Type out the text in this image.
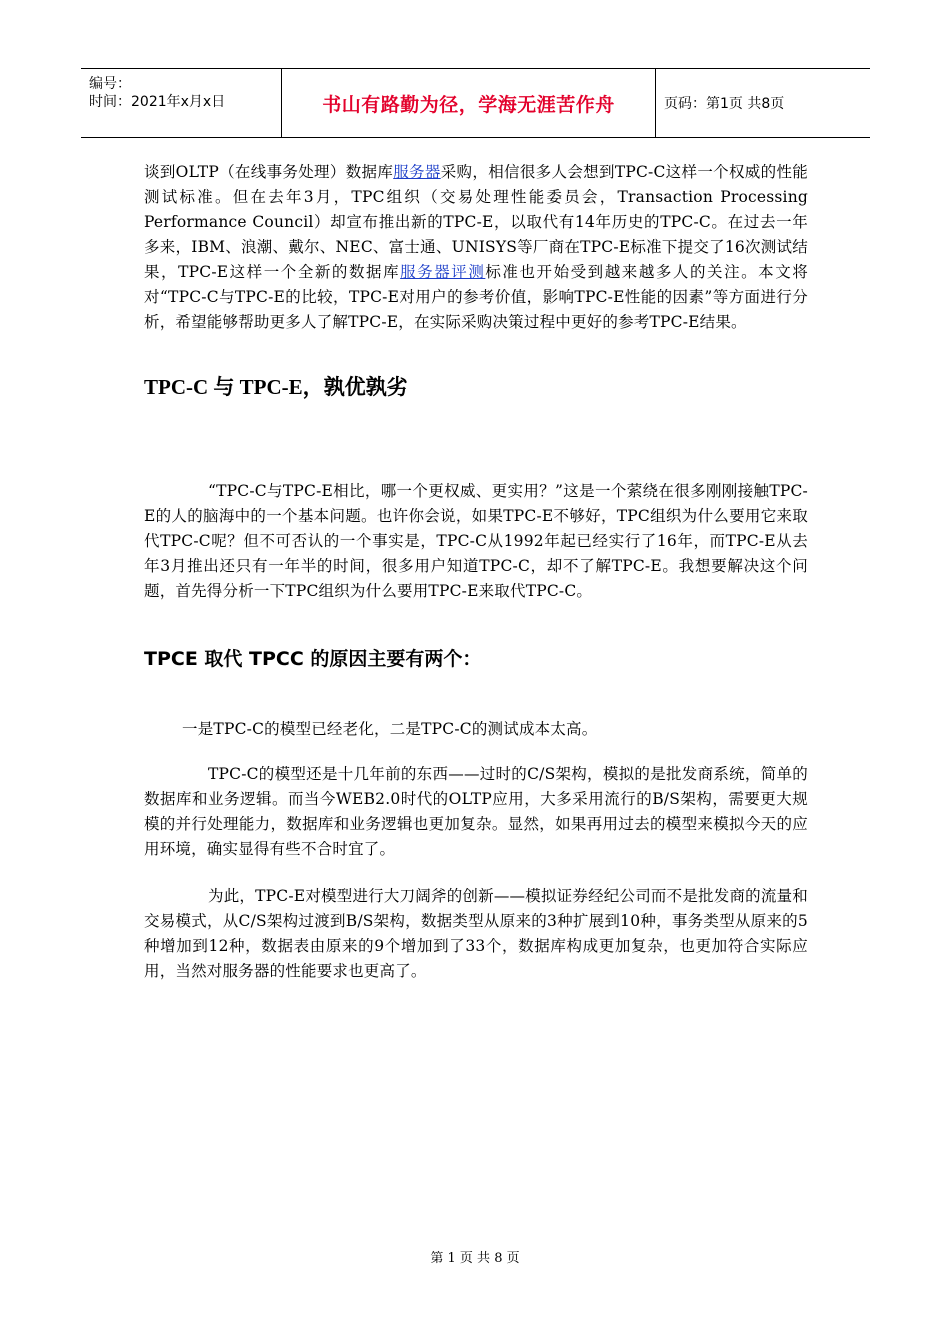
编号：
时间：2021年x月x日	书山有路勤为径，学海无涯苦作舟	页码：第1页 共8页

谈到OLTP（在线事务处理）数据库服务器采购，相信很多人会想到TPC-C这样一个权威的性能测试标准。但在去年3月，TPC组织（交易处理性能委员会，Transaction Processing Performance Council）却宣布推出新的TPC-E，以取代有14年历史的TPC-C。在过去一年多来，IBM、浪潮、戴尔、NEC、富士通、UNISYS等厂商在TPC-E标准下提交了16次测试结果，TPC-E这样一个全新的数据库服务器评测标准也开始受到越来越多人的关注。本文将对“TPC-C与TPC-E的比较，TPC-E对用户的参考价值，影响TPC-E性能的因素”等方面进行分析，希望能够帮助更多人了解TPC-E，在实际采购决策过程中更好的参考TPC-E结果。

TPC-C 与 TPC-E，孰优孰劣

“TPC-C与TPC-E相比，哪一个更权威、更实用？”这是一个萦绕在很多刚刚接触TPC-E的人的脑海中的一个基本问题。也许你会说，如果TPC-E不够好，TPC组织为什么要用它来取代TPC-C呢？但不可否认的一个事实是，TPC-C从1992年起已经实行了16年，而TPC-E从去年3月推出还只有一年半的时间，很多用户知道TPC-C，却不了解TPC-E。我想要解决这个问题，首先得分析一下TPC组织为什么要用TPC-E来取代TPC-C。

TPCE 取代 TPCC 的原因主要有两个：

一是TPC-C的模型已经老化，二是TPC-C的测试成本太高。

TPC-C的模型还是十几年前的东西——过时的C/S架构，模拟的是批发商系统，简单的数据库和业务逻辑。而当今WEB2.0时代的OLTP应用，大多采用流行的B/S架构，需要更大规模的并行处理能力，数据库和业务逻辑也更加复杂。显然，如果再用过去的模型来模拟今天的应用环境，确实显得有些不合时宜了。

为此，TPC-E对模型进行大刀阔斧的创新——模拟证券经纪公司而不是批发商的流量和交易模式，从C/S架构过渡到B/S架构，数据类型从原来的3种扩展到10种，事务类型从原来的5种增加到12种，数据表由原来的9个增加到了33个，数据库构成更加复杂，也更加符合实际应用，当然对服务器的性能要求也更高了。

第 1 页 共 8 页
